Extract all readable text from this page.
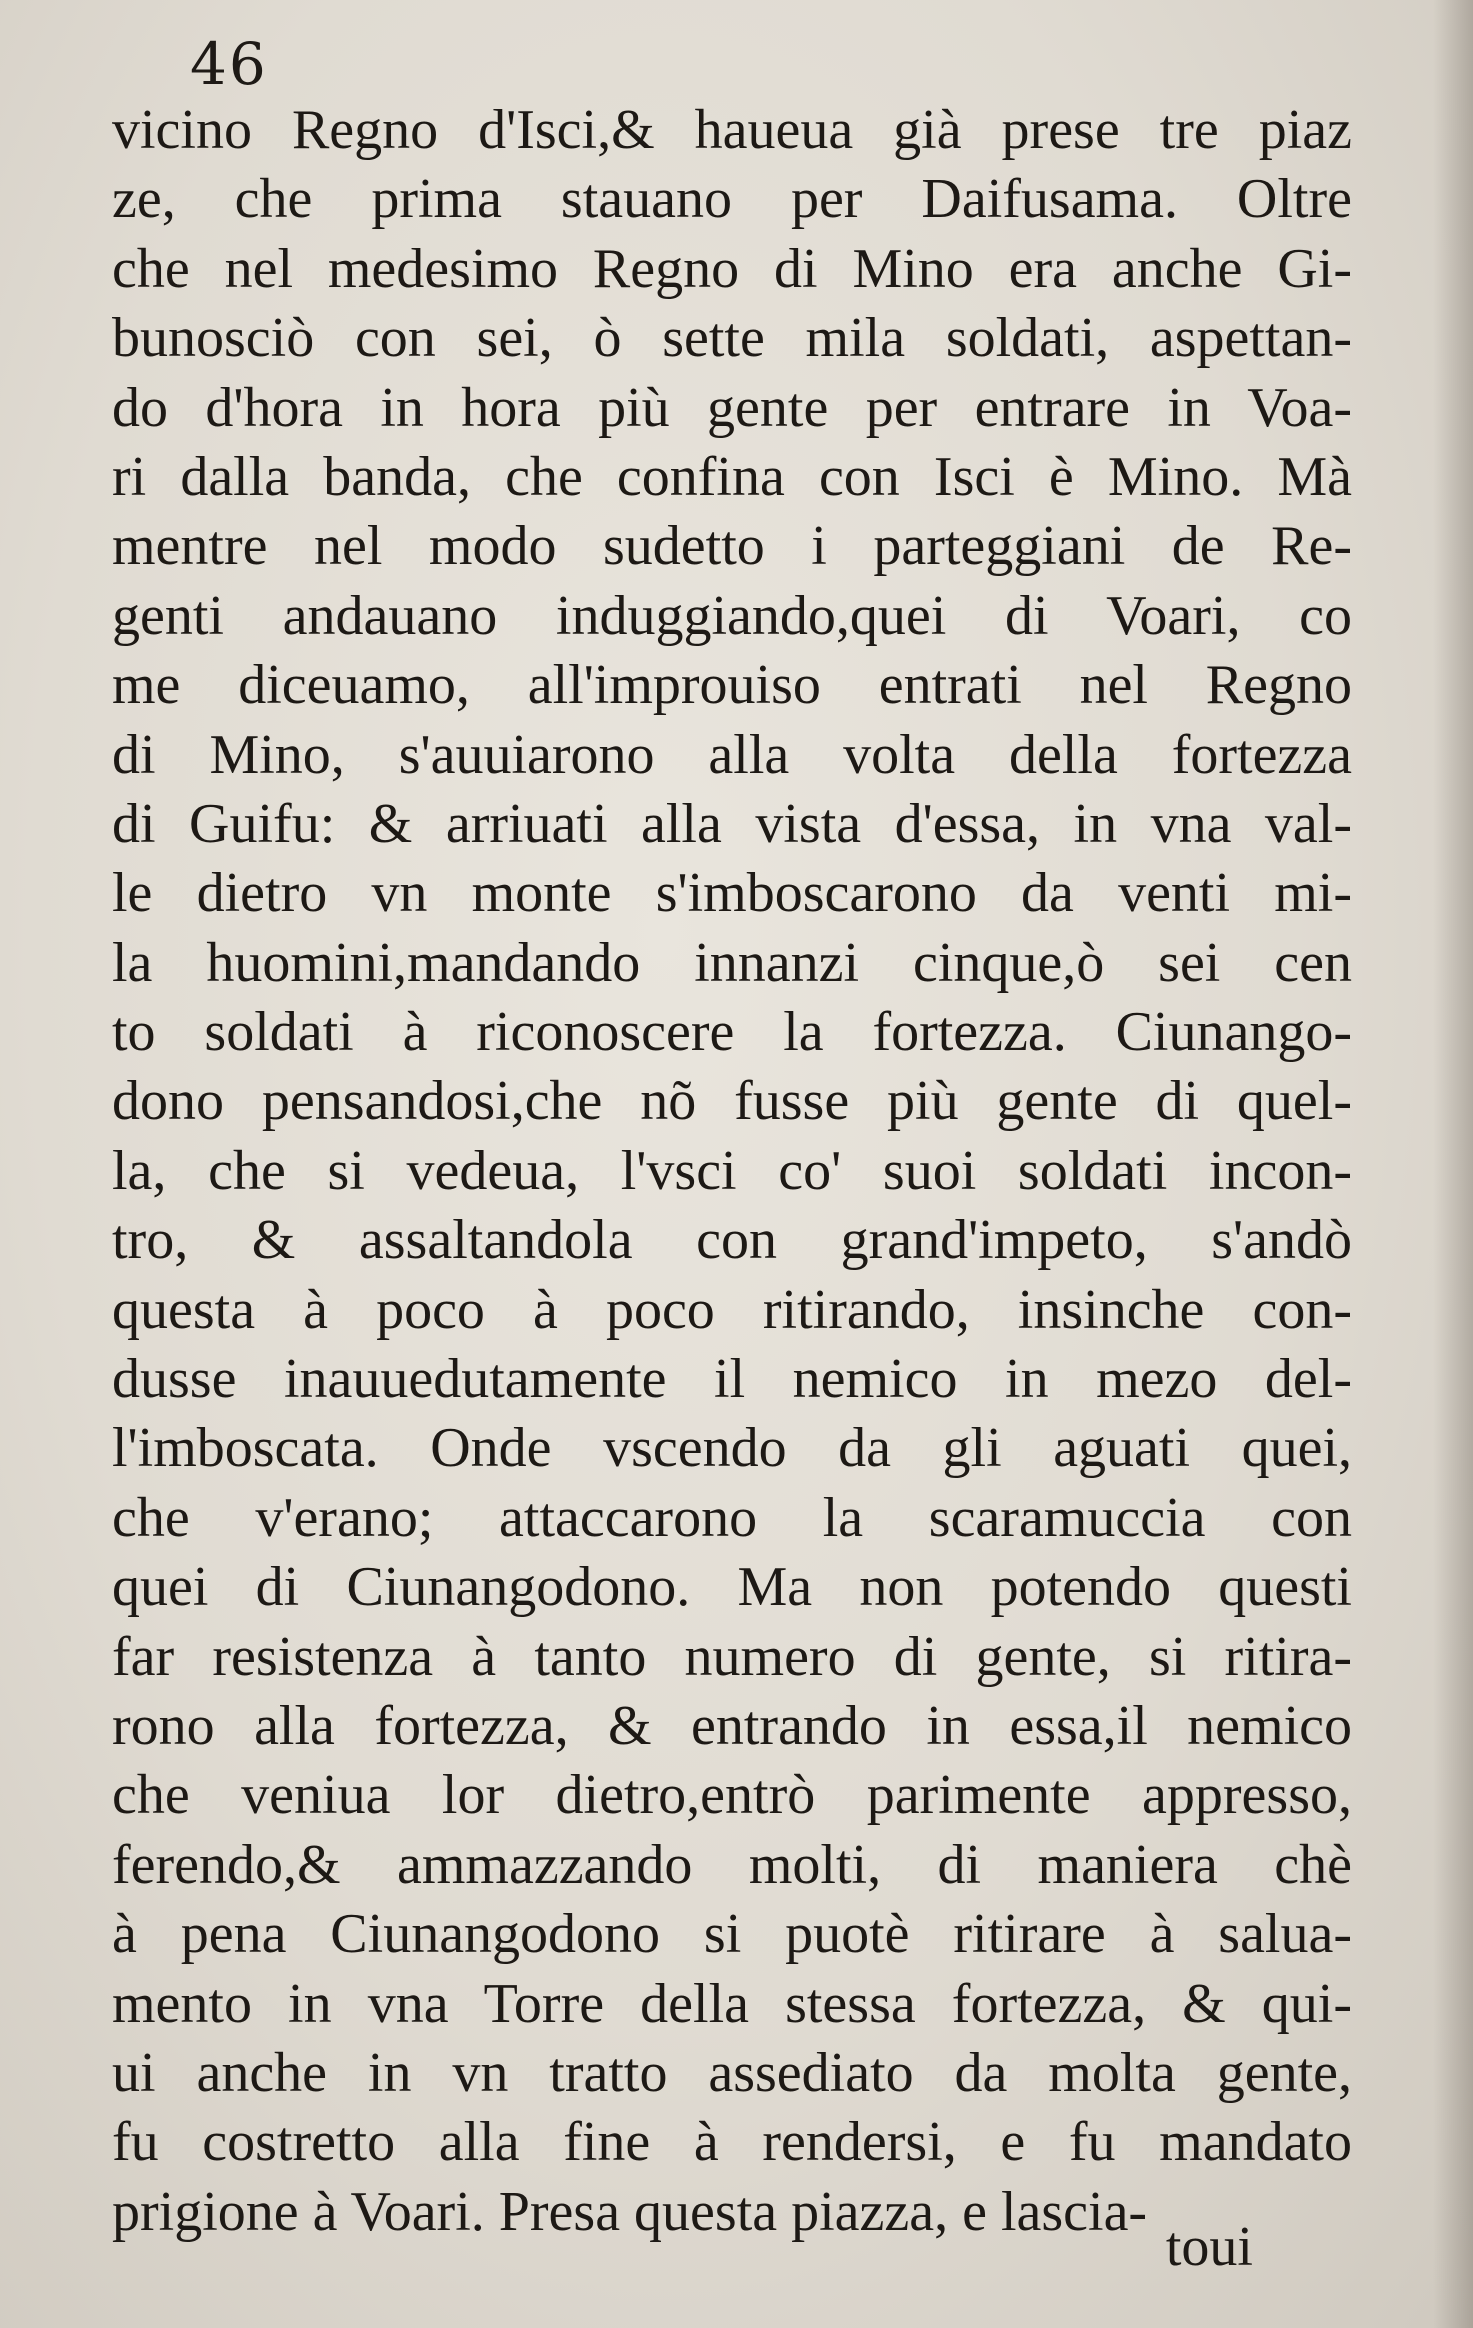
46
vicino Regno d'Isci,& haueua già prese tre piaz
ze, che prima stauano per Daifusama. Oltre
che nel medesimo Regno di Mino era anche Gi-
bunosciò con sei, ò sette mila soldati, aspettan-
do d'hora in hora più gente per entrare in Voa-
ri dalla banda, che confina con Isci è Mino. Mà
mentre nel modo sudetto i parteggiani de Re-
genti andauano induggiando,quei di Voari, co
me diceuamo, all'improuiso entrati nel Regno
di Mino, s'auuiarono alla volta della fortezza
di Guifu: & arriuati alla vista d'essa, in vna val-
le dietro vn monte s'imboscarono da venti mi-
la huomini,mandando innanzi cinque,ò sei cen
to soldati à riconoscere la fortezza. Ciunango-
dono pensandosi,che nõ fusse più gente di quel-
la, che si vedeua, l'vsci co' suoi soldati incon-
tro, & assaltandola con grand'impeto, s'andò
questa à poco à poco ritirando, insinche con-
dusse inauuedutamente il nemico in mezo del-
l'imboscata. Onde vscendo da gli aguati quei,
che v'erano; attaccarono la scaramuccia con
quei di Ciunangodono. Ma non potendo questi
far resistenza à tanto numero di gente, si ritira-
rono alla fortezza, & entrando in essa,il nemico
che veniua lor dietro,entrò parimente appresso,
ferendo,& ammazzando molti, di maniera chè
à pena Ciunangodono si puotè ritirare à salua-
mento in vna Torre della stessa fortezza, & qui-
ui anche in vn tratto assediato da molta gente,
fu costretto alla fine à rendersi, e fu mandato
prigione à Voari. Presa questa piazza, e lascia-
toui
